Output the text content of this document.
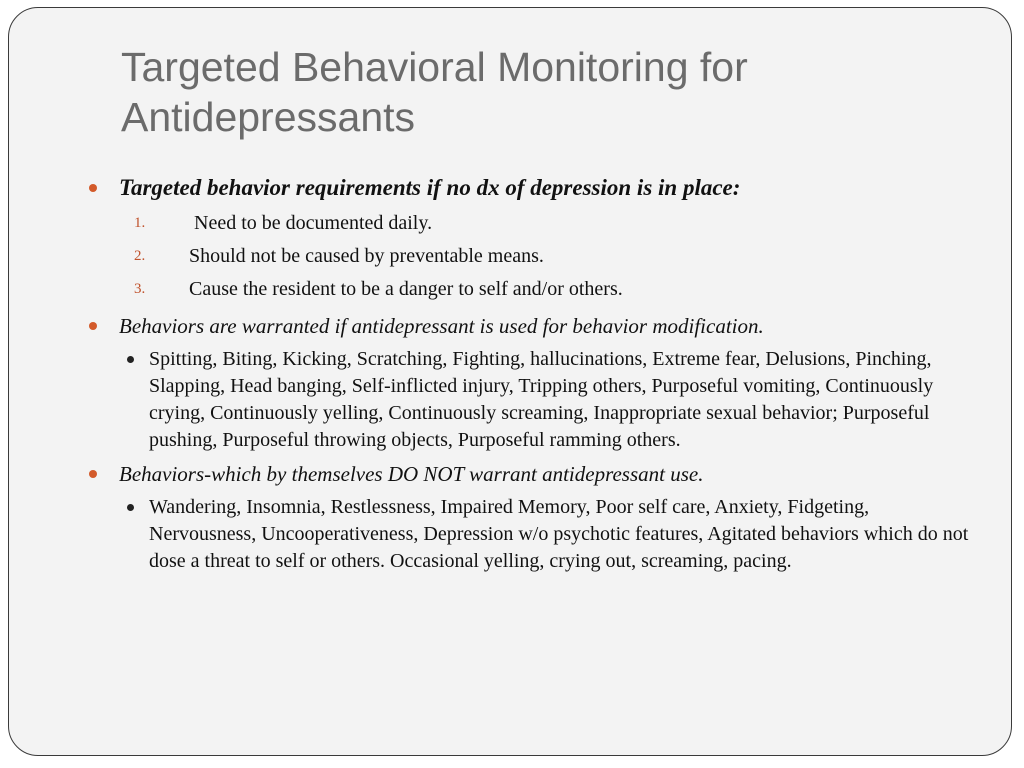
Targeted Behavioral Monitoring for Antidepressants
Targeted behavior requirements if no dx of depression is in place:
1. Need to be documented daily.
2. Should not be caused by preventable means.
3. Cause the resident to be a danger to self and/or others.
Behaviors are warranted if antidepressant is used for behavior modification.
Spitting, Biting, Kicking, Scratching, Fighting, hallucinations, Extreme fear, Delusions, Pinching, Slapping, Head banging, Self-inflicted injury, Tripping others, Purposeful vomiting, Continuously crying, Continuously yelling, Continuously screaming, Inappropriate sexual behavior; Purposeful pushing, Purposeful throwing objects, Purposeful ramming others.
Behaviors-which by themselves DO NOT warrant antidepressant use.
Wandering, Insomnia, Restlessness, Impaired Memory, Poor self care, Anxiety, Fidgeting, Nervousness, Uncooperativeness, Depression w/o psychotic features, Agitated behaviors which do not dose a threat to self or others. Occasional yelling, crying out, screaming, pacing.
